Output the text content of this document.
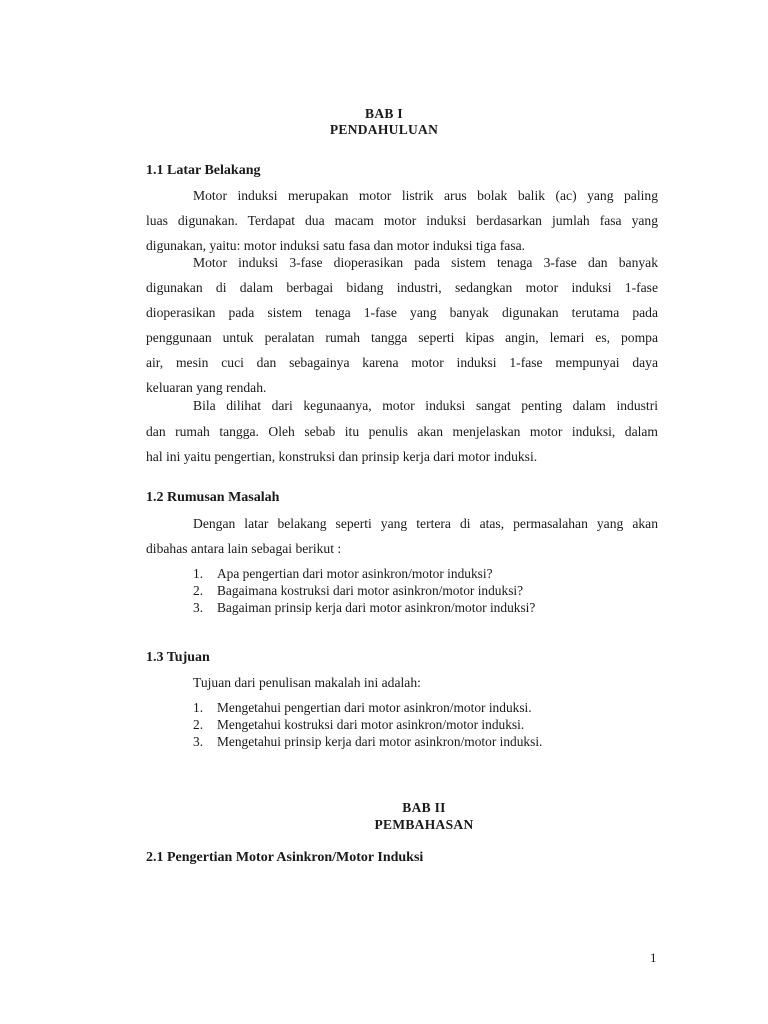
BAB I
PENDAHULUAN
1.1 Latar Belakang
Motor induksi merupakan motor listrik arus bolak balik (ac) yang paling
luas digunakan. Terdapat dua macam motor induksi berdasarkan jumlah fasa yang
digunakan, yaitu: motor induksi satu fasa dan motor induksi tiga fasa.
Motor induksi 3-fase dioperasikan pada sistem tenaga 3-fase dan banyak
digunakan di dalam berbagai bidang industri, sedangkan motor induksi 1-fase
dioperasikan pada sistem tenaga 1-fase yang banyak digunakan terutama pada
penggunaan untuk peralatan rumah tangga seperti kipas angin, lemari es, pompa
air, mesin cuci dan sebagainya karena motor induksi 1-fase mempunyai daya
keluaran yang rendah.
Bila dilihat dari kegunaanya, motor induksi sangat penting dalam industri
dan rumah tangga. Oleh sebab itu penulis akan menjelaskan motor induksi, dalam
hal ini yaitu pengertian, konstruksi dan prinsip kerja dari motor induksi.
1.2 Rumusan Masalah
Dengan latar belakang seperti yang tertera di atas, permasalahan yang akan
dibahas antara lain sebagai berikut :
1. Apa pengertian dari motor asinkron/motor induksi?
2. Bagaimana kostruksi dari motor asinkron/motor induksi?
3. Bagaiman prinsip kerja dari motor asinkron/motor induksi?
1.3 Tujuan
Tujuan dari penulisan makalah ini adalah:
1. Mengetahui pengertian dari motor asinkron/motor induksi.
2. Mengetahui kostruksi dari motor asinkron/motor induksi.
3. Mengetahui prinsip kerja dari motor asinkron/motor induksi.
BAB II
PEMBAHASAN
2.1 Pengertian Motor Asinkron/Motor Induksi
1
